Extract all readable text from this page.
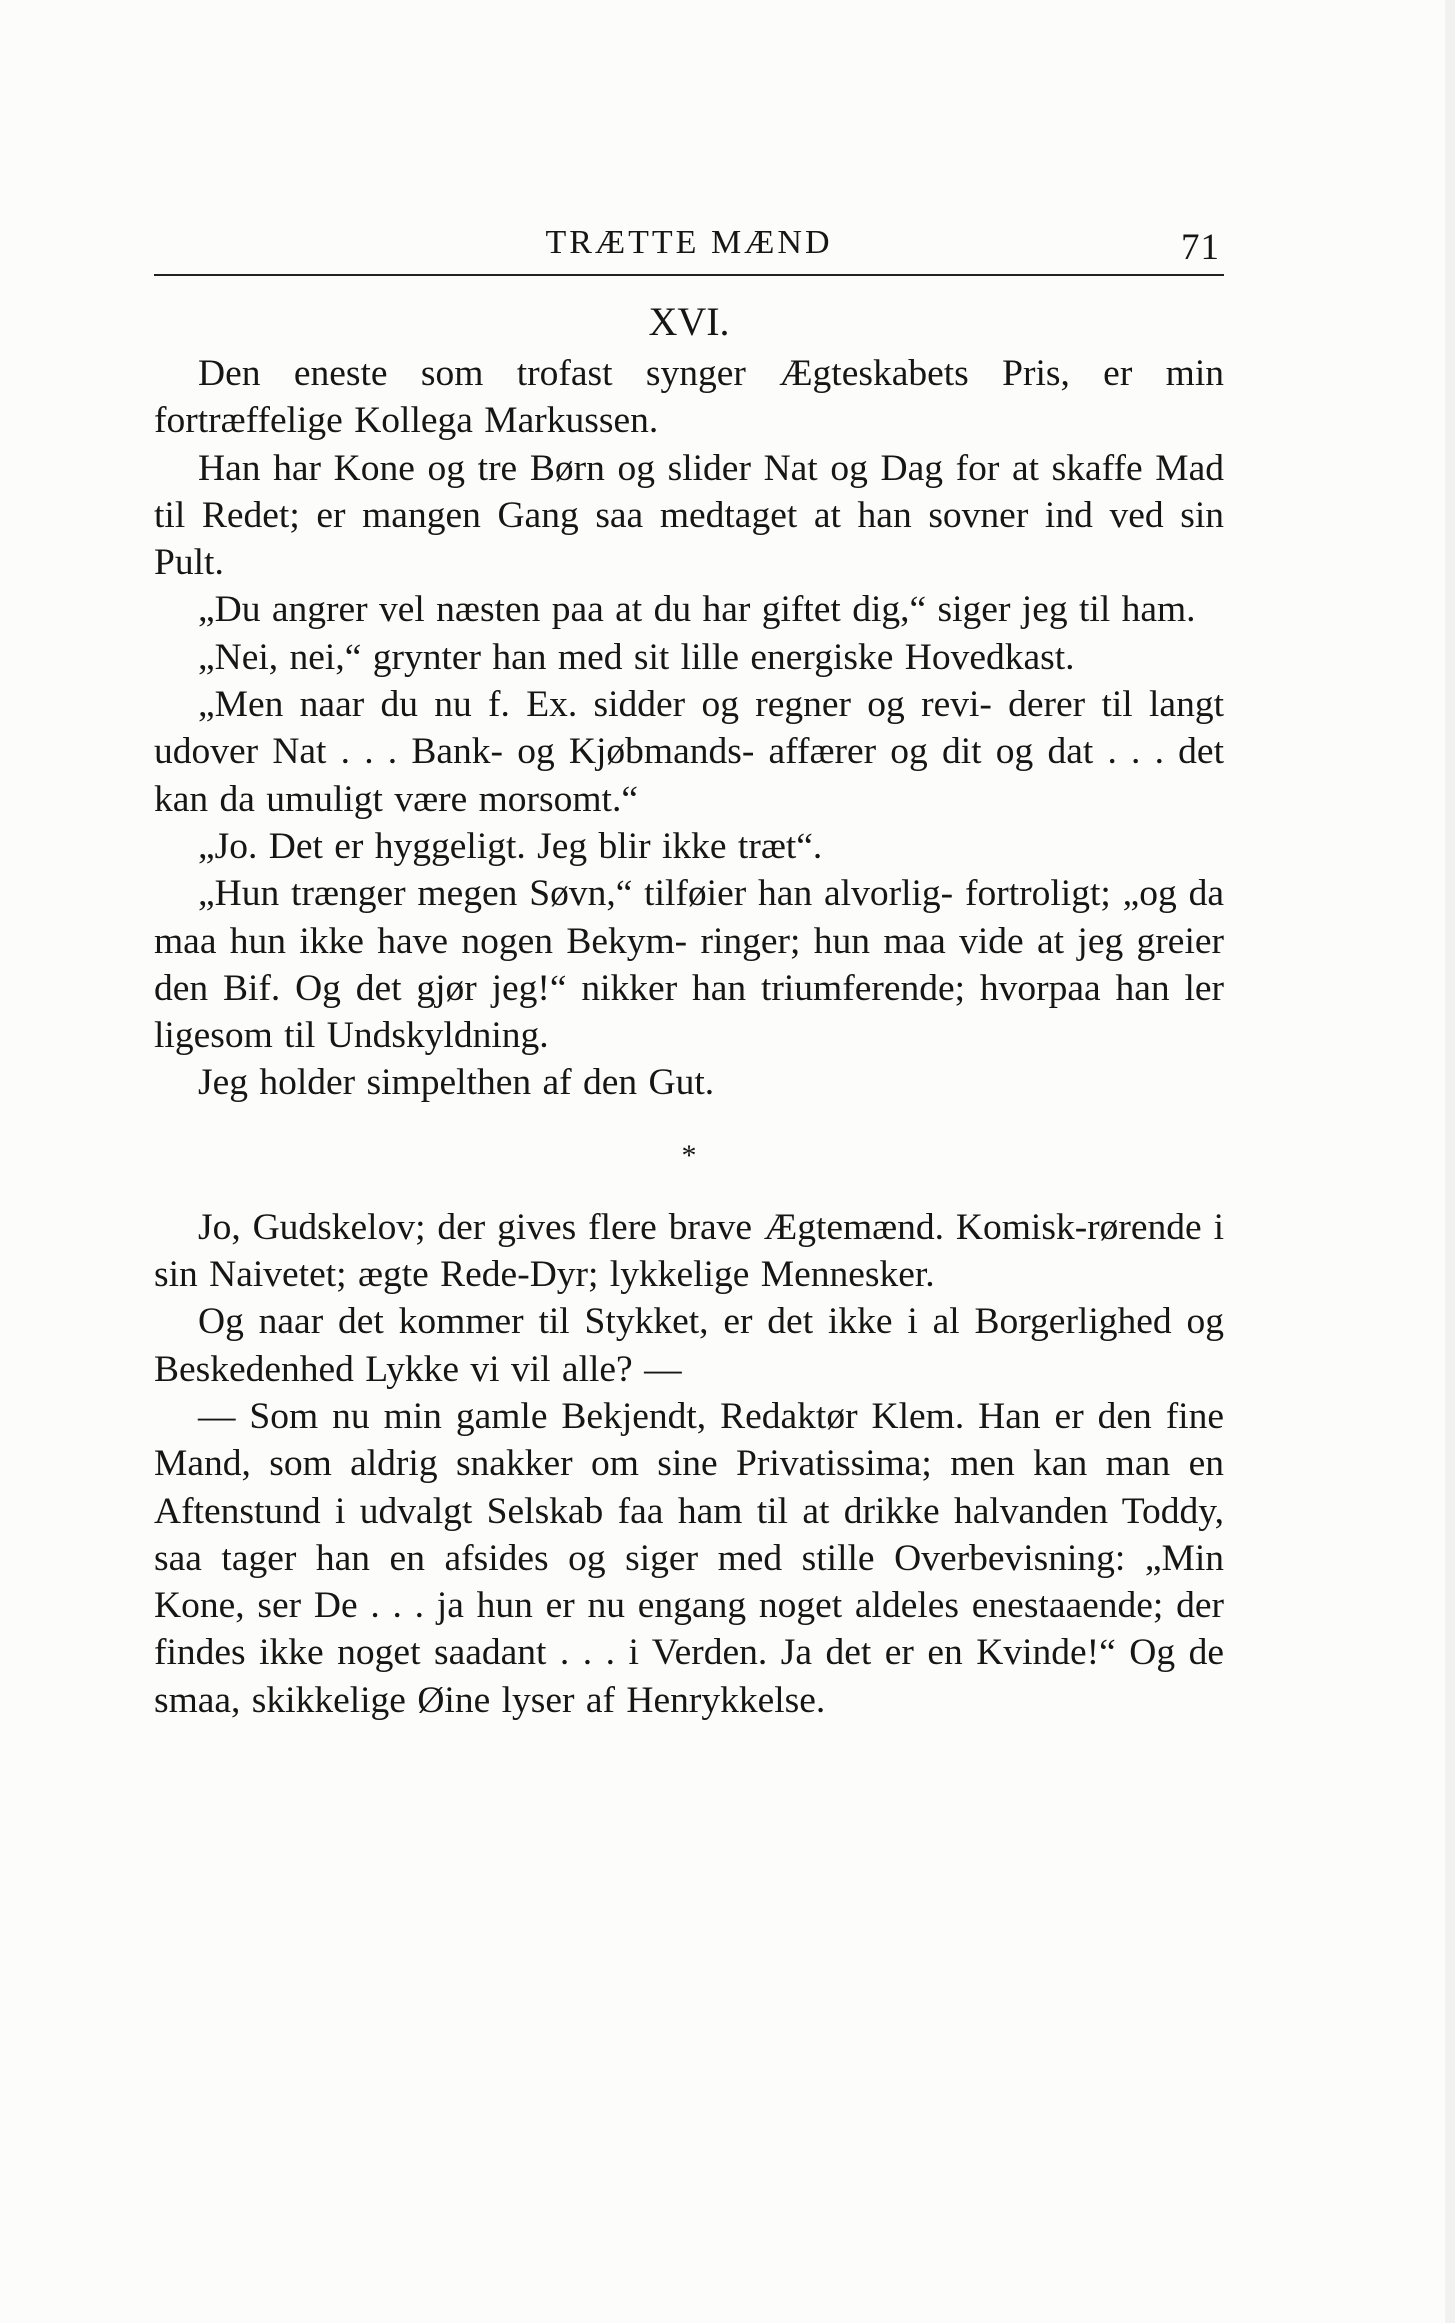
TRÆTTE MÆND	71
XVI.

Den eneste som trofast synger Ægteskabets Pris, er min fortræffelige Kollega Markussen.

Han har Kone og tre Børn og slider Nat og Dag for at skaffe Mad til Redet; er mangen Gang saa medtaget at han sovner ind ved sin Pult.

„Du angrer vel næsten paa at du har giftet dig,“ siger jeg til ham.

„Nei, nei,“ grynter han med sit lille energiske Hovedkast.

„Men naar du nu f. Ex. sidder og regner og revi- derer til langt udover Nat . . . Bank- og Kjøbmands- affærer og dit og dat . . . det kan da umuligt være morsomt.“

„Jo. Det er hyggeligt. Jeg blir ikke træt“.

„Hun trænger megen Søvn,“ tilføier han alvorlig- fortroligt; „og da maa hun ikke have nogen Bekym- ringer; hun maa vide at jeg greier den Bif. Og det gjør jeg!“ nikker han triumferende; hvorpaa han ler ligesom til Undskyldning.

Jeg holder simpelthen af den Gut.

*

Jo, Gudskelov; der gives flere brave Ægtemænd. Komisk-rørende i sin Naivetet; ægte Rede-Dyr; lykkelige Mennesker.

Og naar det kommer til Stykket, er det ikke i al Borgerlighed og Beskedenhed Lykke vi vil alle? —

— Som nu min gamle Bekjendt, Redaktør Klem. Han er den fine Mand, som aldrig snakker om sine Privatissima; men kan man en Aftenstund i udvalgt Selskab faa ham til at drikke halvanden Toddy, saa tager han en afsides og siger med stille Overbevisning: „Min Kone, ser De . . . ja hun er nu engang noget aldeles enestaaende; der findes ikke noget saadant . . . i Verden. Ja det er en Kvinde!“ Og de smaa, skikkelige Øine lyser af Henrykkelse.
